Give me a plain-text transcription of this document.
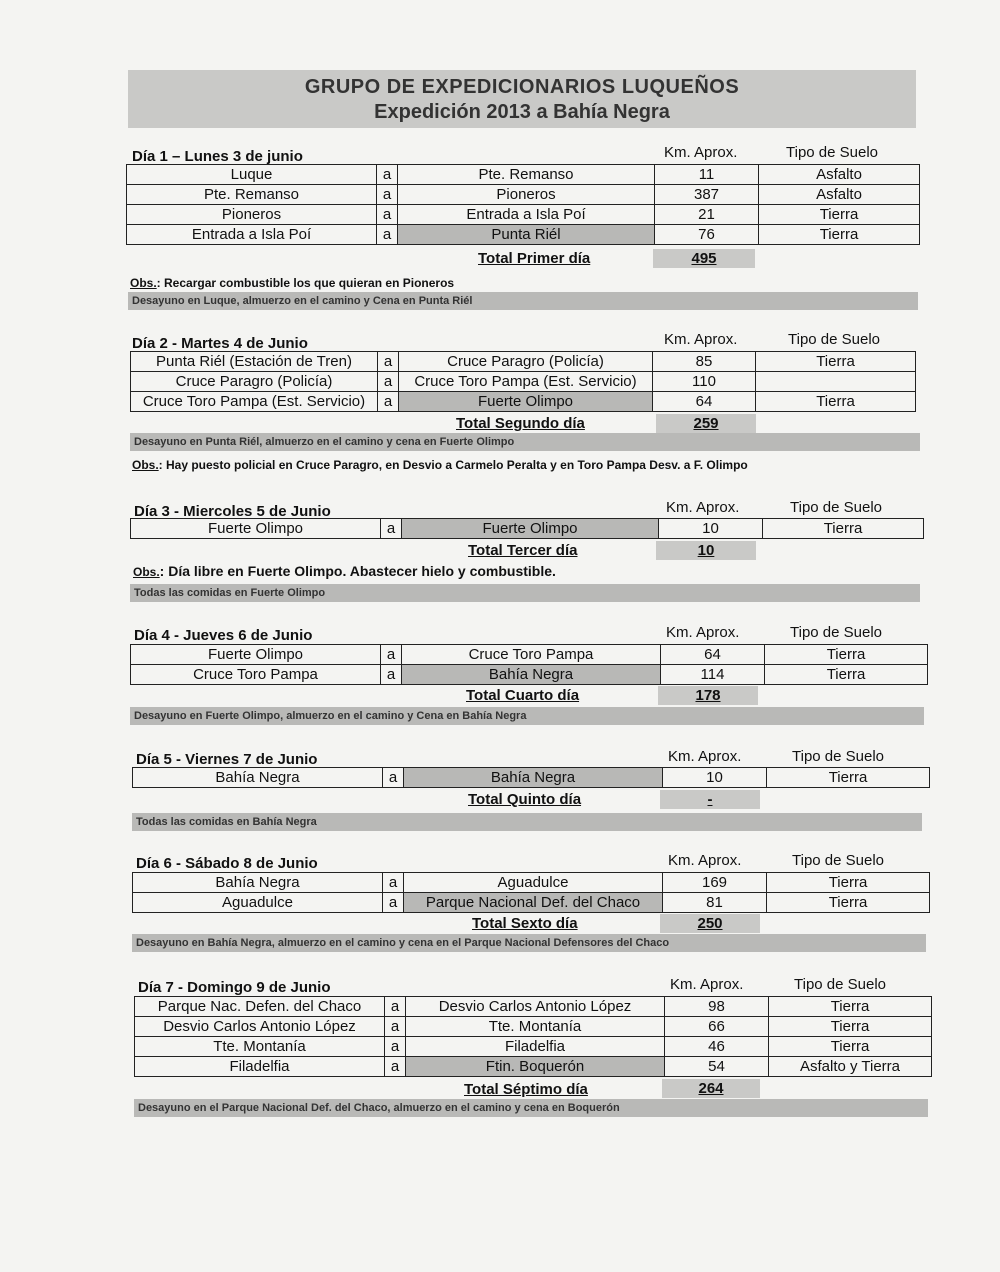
GRUPO DE EXPEDICIONARIOS LUQUEÑOS
Expedición 2013 a Bahía Negra
Día 1 – Lunes 3 de junio	Km. Aprox.	Tipo de Suelo
Luque	a	Pte. Remanso	11	Asfalto
Pte. Remanso	a	Pioneros	387	Asfalto
Pioneros	a	Entrada a Isla Poí	21	Tierra
Entrada a Isla Poí	a	Punta Riél	76	Tierra
Total Primer día	495
Obs.: Recargar combustible los que quieran en Pioneros
Desayuno en Luque, almuerzo en el camino y Cena en Punta Riél
Día 2 - Martes 4 de Junio	Km. Aprox.	Tipo de Suelo
Punta Riél (Estación de Tren)	a	Cruce Paragro (Policía)	85	Tierra
Cruce Paragro (Policía)	a	Cruce Toro Pampa (Est. Servicio)	110	
Cruce Toro Pampa (Est. Servicio)	a	Fuerte Olimpo	64	Tierra
Total Segundo día	259
Desayuno en Punta Riél, almuerzo en el camino y cena en Fuerte Olimpo
Obs.: Hay puesto policial en Cruce Paragro, en Desvio a Carmelo Peralta y en Toro Pampa Desv. a F. Olimpo
Día 3 - Miercoles 5 de Junio	Km. Aprox.	Tipo de Suelo
Fuerte Olimpo	a	Fuerte Olimpo	10	Tierra
Total Tercer día	10
Obs.: Día libre en Fuerte Olimpo. Abastecer hielo y combustible.
Todas las comidas en Fuerte Olimpo
Día 4 - Jueves 6 de Junio	Km. Aprox.	Tipo de Suelo
Fuerte Olimpo	a	Cruce Toro Pampa	64	Tierra
Cruce Toro Pampa	a	Bahía Negra	114	Tierra
Total Cuarto día	178
Desayuno en Fuerte Olimpo, almuerzo en el camino y Cena en Bahía Negra
Día 5 - Viernes 7 de Junio	Km. Aprox.	Tipo de Suelo
Bahía Negra	a	Bahía Negra	10	Tierra
Total Quinto día	-
Todas las comidas en Bahía Negra
Día 6 - Sábado 8 de Junio	Km. Aprox.	Tipo de Suelo
Bahía Negra	a	Aguadulce	169	Tierra
Aguadulce	a	Parque Nacional Def. del Chaco	81	Tierra
Total Sexto día	250
Desayuno en Bahía Negra, almuerzo en el camino y cena en el Parque Nacional Defensores del Chaco
Día 7 - Domingo 9 de Junio	Km. Aprox.	Tipo de Suelo
Parque Nac. Defen. del Chaco	a	Desvio Carlos Antonio López	98	Tierra
Desvio Carlos Antonio López	a	Tte. Montanía	66	Tierra
Tte. Montanía	a	Filadelfia	46	Tierra
Filadelfia	a	Ftin. Boquerón	54	Asfalto y Tierra
Total Séptimo día	264
Desayuno en el Parque Nacional Def. del Chaco, almuerzo en el camino y cena en Boquerón
